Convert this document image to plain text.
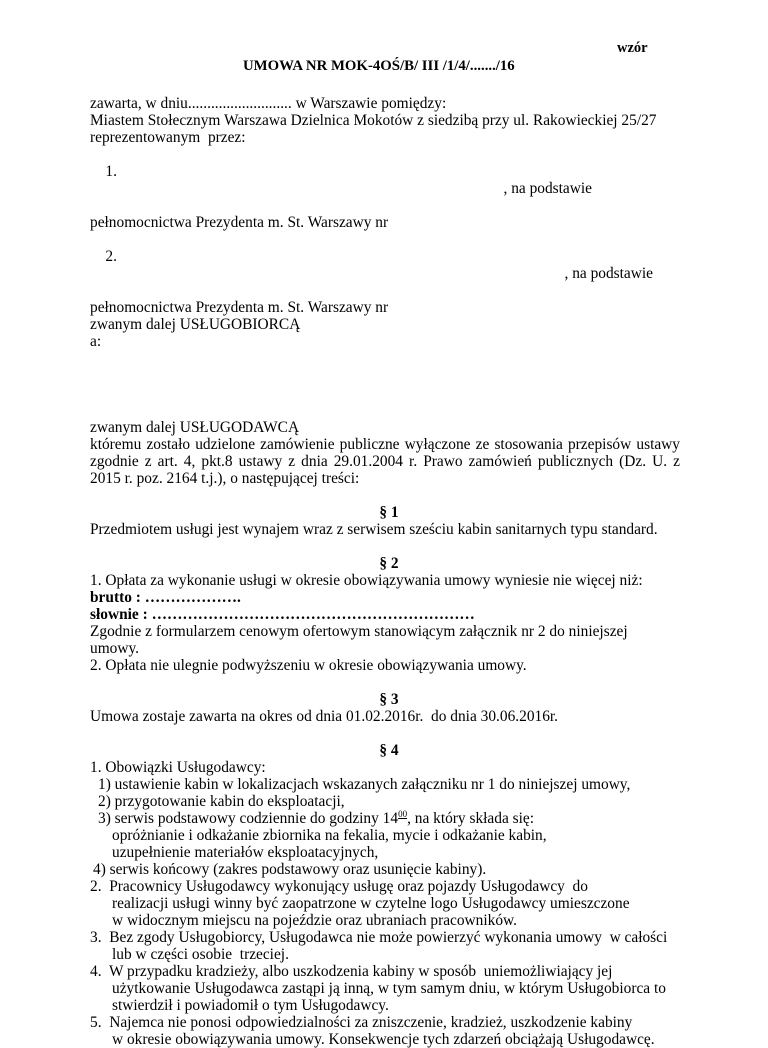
wzór
UMOWA NR MOK-4OŚ/B/ III /1/4/......./16
zawarta, w dniu........................... w Warszawie pomiędzy:
Miastem Stołecznym Warszawa Dzielnica Mokotów z siedzibą przy ul. Rakowieckiej 25/27
reprezentowanym  przez:

1.

, na podstawie

pełnomocnictwa Prezydenta m. St. Warszawy nr

2.

, na podstawie

pełnomocnictwa Prezydenta m. St. Warszawy nr
zwanym dalej USŁUGOBIORCĄ
a:
zwanym dalej USŁUGODAWCĄ
któremu zostało udzielone zamówienie publiczne wyłączone ze stosowania przepisów ustawy zgodnie z art. 4, pkt.8 ustawy z dnia 29.01.2004 r. Prawo zamówień publicznych (Dz. U. z 2015 r. poz. 2164 t.j.), o następującej treści:
§ 1
Przedmiotem usługi jest wynajem wraz z serwisem sześciu kabin sanitarnych typu standard.
§ 2
1. Opłata za wykonanie usługi w okresie obowiązywania umowy wyniesie nie więcej niż:
brutto : ……………….
słownie : ………………………………………………………
Zgodnie z formularzem cenowym ofertowym stanowiącym załącznik nr 2 do niniejszej
umowy.
2. Opłata nie ulegnie podwyższeniu w okresie obowiązywania umowy.
§ 3
Umowa zostaje zawarta na okres od dnia 01.02.2016r.  do dnia 30.06.2016r.
§ 4
1. Obowiązki Usługodawcy:
1) ustawienie kabin w lokalizacjach wskazanych załączniku nr 1 do niniejszej umowy,
2) przygotowanie kabin do eksploatacji,
3) serwis podstawowy codziennie do godziny $14^{00}$, na który składa się:
opróżnianie i odkażanie zbiornika na fekalia, mycie i odkażanie kabin,
uzupełnienie materiałów eksploatacyjnych,
4) serwis końcowy (zakres podstawowy oraz usunięcie kabiny).
2.  Pracownicy Usługodawcy wykonujący usługę oraz pojazdy Usługodawcy  do
realizacji usługi winny być zaopatrzone w czytelne logo Usługodawcy umieszczone
w widocznym miejscu na pojeździe oraz ubraniach pracowników.
3.  Bez zgody Usługobiorcy, Usługodawca nie może powierzyć wykonania umowy  w całości
lub w części osobie  trzeciej.
4.  W przypadku kradzieży, albo uszkodzenia kabiny w sposób  uniemożliwiający jej
użytkowanie Usługodawca zastąpi ją inną, w tym samym dniu, w którym Usługobiorca to
stwierdził i powiadomił o tym Usługodawcy.
5.  Najemca nie ponosi odpowiedzialności za zniszczenie, kradzież, uszkodzenie kabiny
w okresie obowiązywania umowy. Konsekwencje tych zdarzeń obciążają Usługodawcę.
